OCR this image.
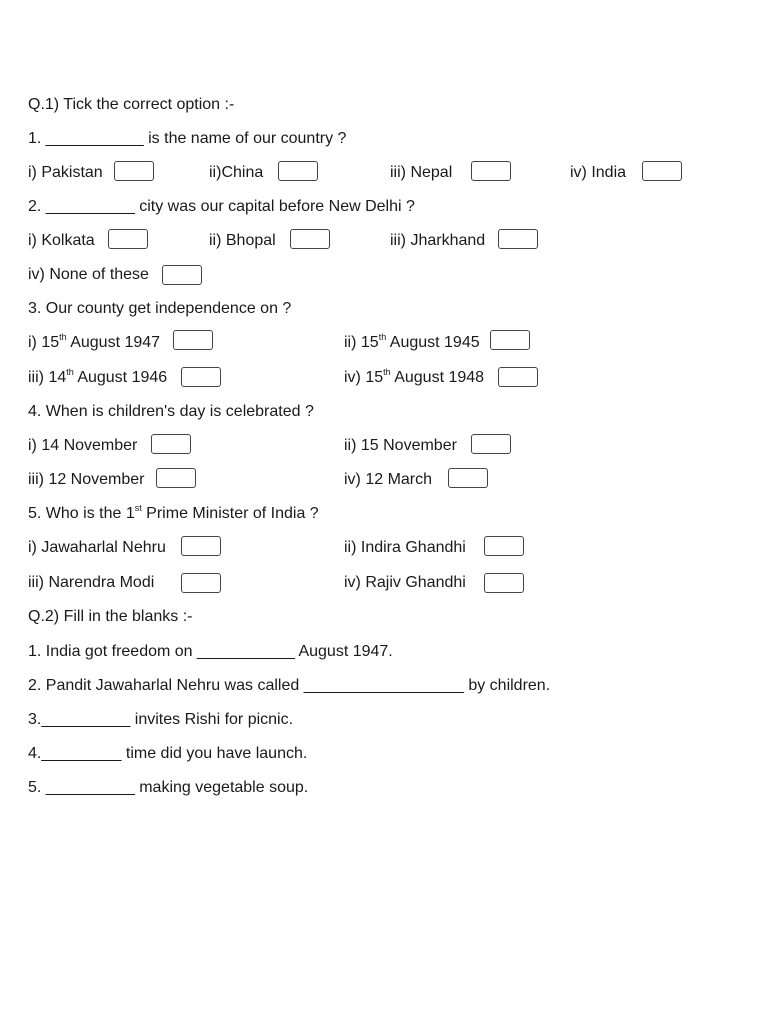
Q.1) Tick the correct option :-
1. ___________ is the name of our country ?
i) Pakistan	ii)China	iii) Nepal	iv) India
2. __________ city was our capital before New Delhi ?
i) Kolkata	ii) Bhopal	iii) Jharkhand
iv) None of these
3. Our county get independence on ?
i) 15th August 1947	ii) 15th August 1945
iii) 14th August 1946	iv) 15th August 1948
4. When is children's day is celebrated ?
i) 14 November	ii) 15 November
iii) 12 November	iv) 12 March
5. Who is the 1st Prime Minister of India ?
i) Jawaharlal Nehru	ii) Indira Ghandhi
iii) Narendra Modi	iv) Rajiv Ghandhi
Q.2) Fill in the blanks :-
1. India got freedom on ___________ August 1947.
2. Pandit Jawaharlal Nehru was called __________________ by children.
3.__________ invites Rishi for picnic.
4._________ time did you have launch.
5. __________ making vegetable soup.
